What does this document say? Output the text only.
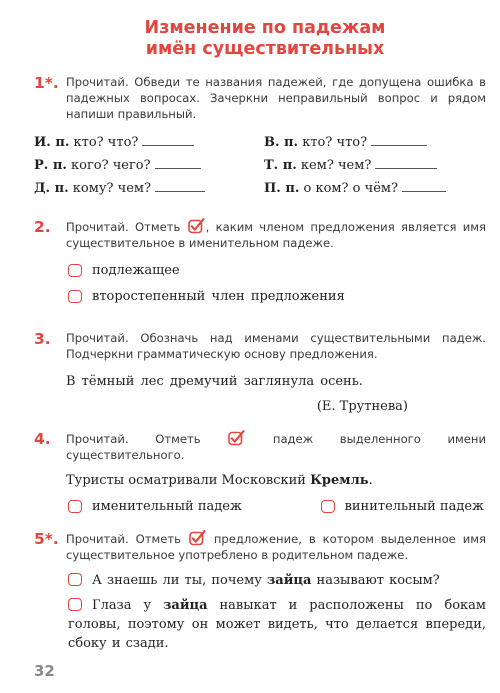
Изменение по падежам
имён существительных
1*. Прочитай. Обведи те названия падежей, где допущена ошибка в падежных вопросах. Зачеркни неправильный вопрос и рядом напиши правильный.
И. п. кто? что?	В. п. кто? что?
Р. п. кого? чего?	Т. п. кем? чем?
Д. п. кому? чем?	П. п. о ком? о чём?
2.	Прочитай. Отметь , каким членом предложения является имя существительное в именительном падеже.
подлежащее
второстепенный член предложения
3.	Прочитай. Обозначь над именами существительными падеж. Подчеркни грамматическую основу предложения.
В тёмный лес дремучий заглянула осень.
(Е. Трутнева)
4.	Прочитай. Отметь	падеж выделенного имени существительного.
Туристы осматривали Московский Кремль.
именительный падеж	винительный падеж
5*. Прочитай. Отметь	предложение, в котором выделенное имя существительное употреблено в родительном падеже.
А знаешь ли ты, почему зайца называют косым?
Глаза у зайца навыкат и расположены по бокам головы, поэтому он может видеть, что делается впереди, сбоку и сзади.
32
